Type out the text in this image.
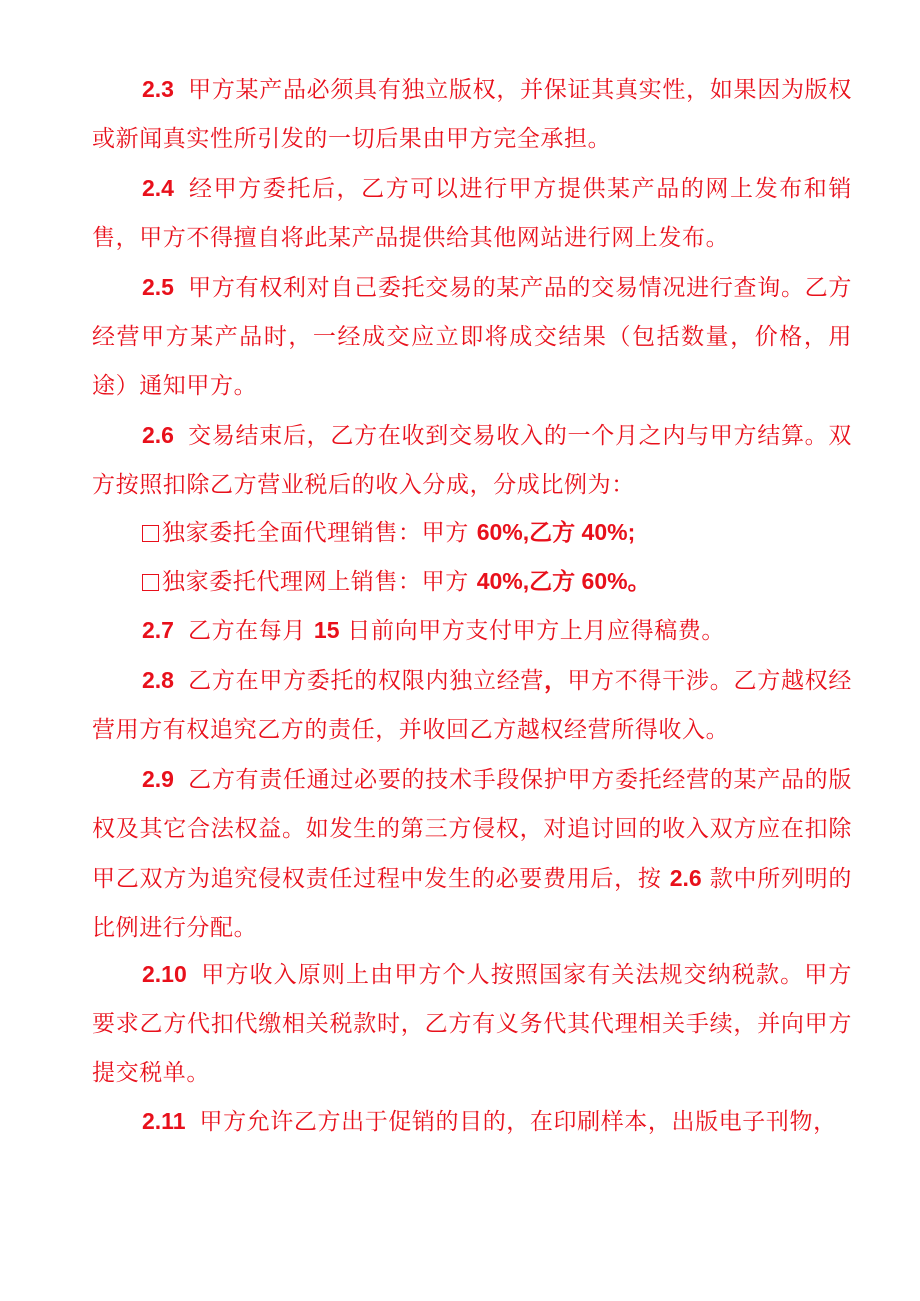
2.3 甲方某产品必须具有独立版权，并保证其真实性，如果因为版权或新闻真实性所引发的一切后果由甲方完全承担。

2.4 经甲方委托后，乙方可以进行甲方提供某产品的网上发布和销售，甲方不得擅自将此某产品提供给其他网站进行网上发布。

2.5 甲方有权利对自己委托交易的某产品的交易情况进行查询。乙方经营甲方某产品时，一经成交应立即将成交结果（包括数量，价格，用途）通知甲方。

2.6 交易结束后，乙方在收到交易收入的一个月之内与甲方结算。双方按照扣除乙方营业税后的收入分成，分成比例为：

独家委托全面代理销售：甲方 60%,乙方 40%;

独家委托代理网上销售：甲方 40%,乙方 60%。

2.7 乙方在每月 15 日前向甲方支付甲方上月应得稿费。

2.8 乙方在甲方委托的权限内独立经营，甲方不得干涉。乙方越权经营用方有权追究乙方的责任，并收回乙方越权经营所得收入。

2.9 乙方有责任通过必要的技术手段保护甲方委托经营的某产品的版权及其它合法权益。如发生的第三方侵权，对追讨回的收入双方应在扣除甲乙双方为追究侵权责任过程中发生的必要费用后，按 2.6 款中所列明的比例进行分配。

2.10 甲方收入原则上由甲方个人按照国家有关法规交纳税款。甲方要求乙方代扣代缴相关税款时，乙方有义务代其代理相关手续，并向甲方提交税单。

2.11 甲方允许乙方出于促销的目的，在印刷样本，出版电子刊物，
